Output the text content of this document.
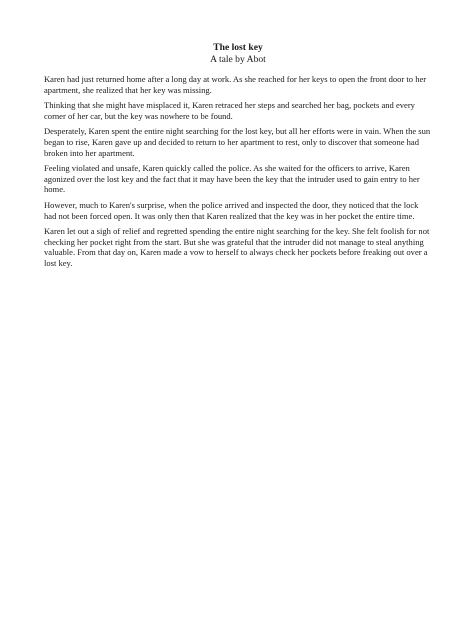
The lost key

A tale by Abot

Karen had just returned home after a long day at work. As she reached for her keys to open the front door to her apartment, she realized that her key was missing.

Thinking that she might have misplaced it, Karen retraced her steps and searched her bag, pockets and every corner of her car, but the key was nowhere to be found.

Desperately, Karen spent the entire night searching for the lost key, but all her efforts were in vain. When the sun began to rise, Karen gave up and decided to return to her apartment to rest, only to discover that someone had broken into her apartment.

Feeling violated and unsafe, Karen quickly called the police. As she waited for the officers to arrive, Karen agonized over the lost key and the fact that it may have been the key that the intruder used to gain entry to her home.

However, much to Karen's surprise, when the police arrived and inspected the door, they noticed that the lock had not been forced open. It was only then that Karen realized that the key was in her pocket the entire time.

Karen let out a sigh of relief and regretted spending the entire night searching for the key. She felt foolish for not checking her pocket right from the start. But she was grateful that the intruder did not manage to steal anything valuable. From that day on, Karen made a vow to herself to always check her pockets before freaking out over a lost key.
